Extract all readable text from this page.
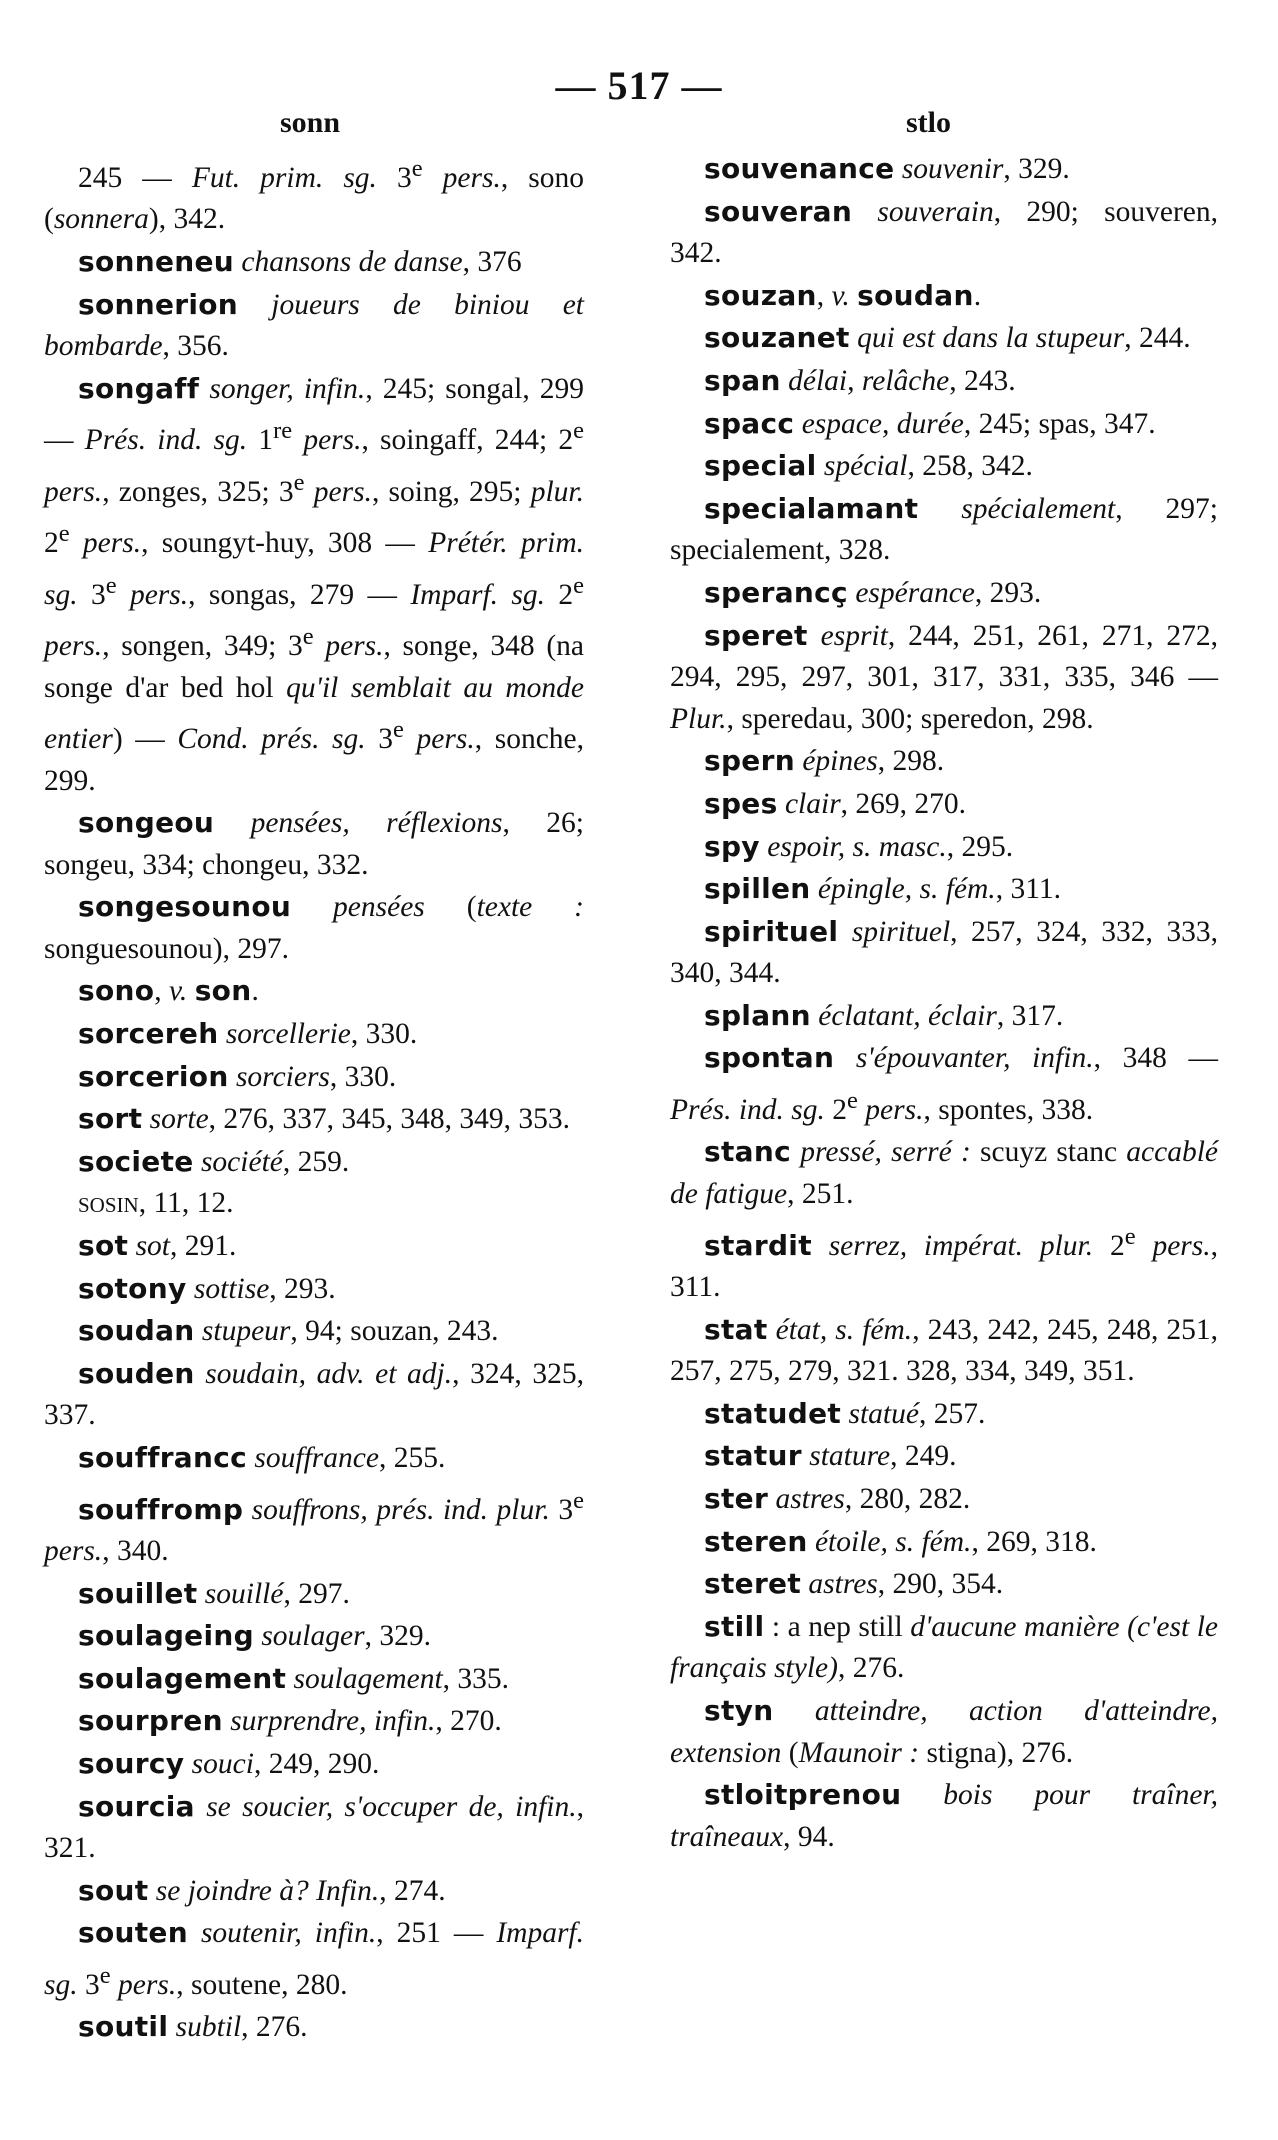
— 517 —
sonn	stlo

245 — Fut. prim. sg. 3e pers., sono (sonnera), 342.

sonneneu chansons de danse, 376

sonnerion joueurs de biniou et bombarde, 356.

songaff songer, infin., 245; songal, 299 — Prés. ind. sg. 1re pers., soingaff, 244; 2e pers., zonges, 325; 3e pers., soing, 295; plur. 2e pers., soungyt-huy, 308 — Prétér. prim. sg. 3e pers., songas, 279 — Imparf. sg. 2e pers., songen, 349; 3e pers., songe, 348 (na songe d'ar bed hol qu'il semblait au monde entier) — Cond. prés. sg. 3e pers., sonche, 299.

songeou pensées, réflexions, 26; songeu, 334; chongeu, 332.

songesounou pensées (texte : songuesounou), 297.

sono, v. son.

sorcereh sorcellerie, 330.

sorcerion sorciers, 330.

sort sorte, 276, 337, 345, 348, 349, 353.

societe société, 259.

sosin, 11, 12.

sot sot, 291.

sotony sottise, 293.

soudan stupeur, 94; souzan, 243.

souden soudain, adv. et adj., 324, 325, 337.

souffrancc souffrance, 255.

souffromp souffrons, prés. ind. plur. 3e pers., 340.

souillet souillé, 297.

soulageing soulager, 329.

soulagement soulagement, 335.

sourpren surprendre, infin., 270.

sourcy souci, 249, 290.

sourcia se soucier, s'occuper de, infin., 321.

sout se joindre à? Infin., 274.

souten soutenir, infin., 251 — Imparf. sg. 3e pers., soutene, 280.

soutil subtil, 276.

souvenance souvenir, 329.

souveran souverain, 290; souveren, 342.

souzan, v. soudan.

souzanet qui est dans la stupeur, 244.

span délai, relâche, 243.

spacc espace, durée, 245; spas, 347.

special spécial, 258, 342.

specialamant spécialement, 297; specialement, 328.

sperancç espérance, 293.

speret esprit, 244, 251, 261, 271, 272, 294, 295, 297, 301, 317, 331, 335, 346 — Plur., speredau, 300; speredon, 298.

spern épines, 298.

spes clair, 269, 270.

spy espoir, s. masc., 295.

spillen épingle, s. fém., 311.

spirituel spirituel, 257, 324, 332, 333, 340, 344.

splann éclatant, éclair, 317.

spontan s'épouvanter, infin., 348 — Prés. ind. sg. 2e pers., spontes, 338.

stanc pressé, serré : scuyz stanc accablé de fatigue, 251.

stardit serrez, impérat. plur. 2e pers., 311.

stat état, s. fém., 243, 242, 245, 248, 251, 257, 275, 279, 321. 328, 334, 349, 351.

statudet statué, 257.

statur stature, 249.

ster astres, 280, 282.

steren étoile, s. fém., 269, 318.

steret astres, 290, 354.

still : a nep still d'aucune manière (c'est le français style), 276.

styn atteindre, action d'atteindre, extension (Maunoir : stigna), 276.

stloitprenou bois pour traîner, traîneaux, 94.
